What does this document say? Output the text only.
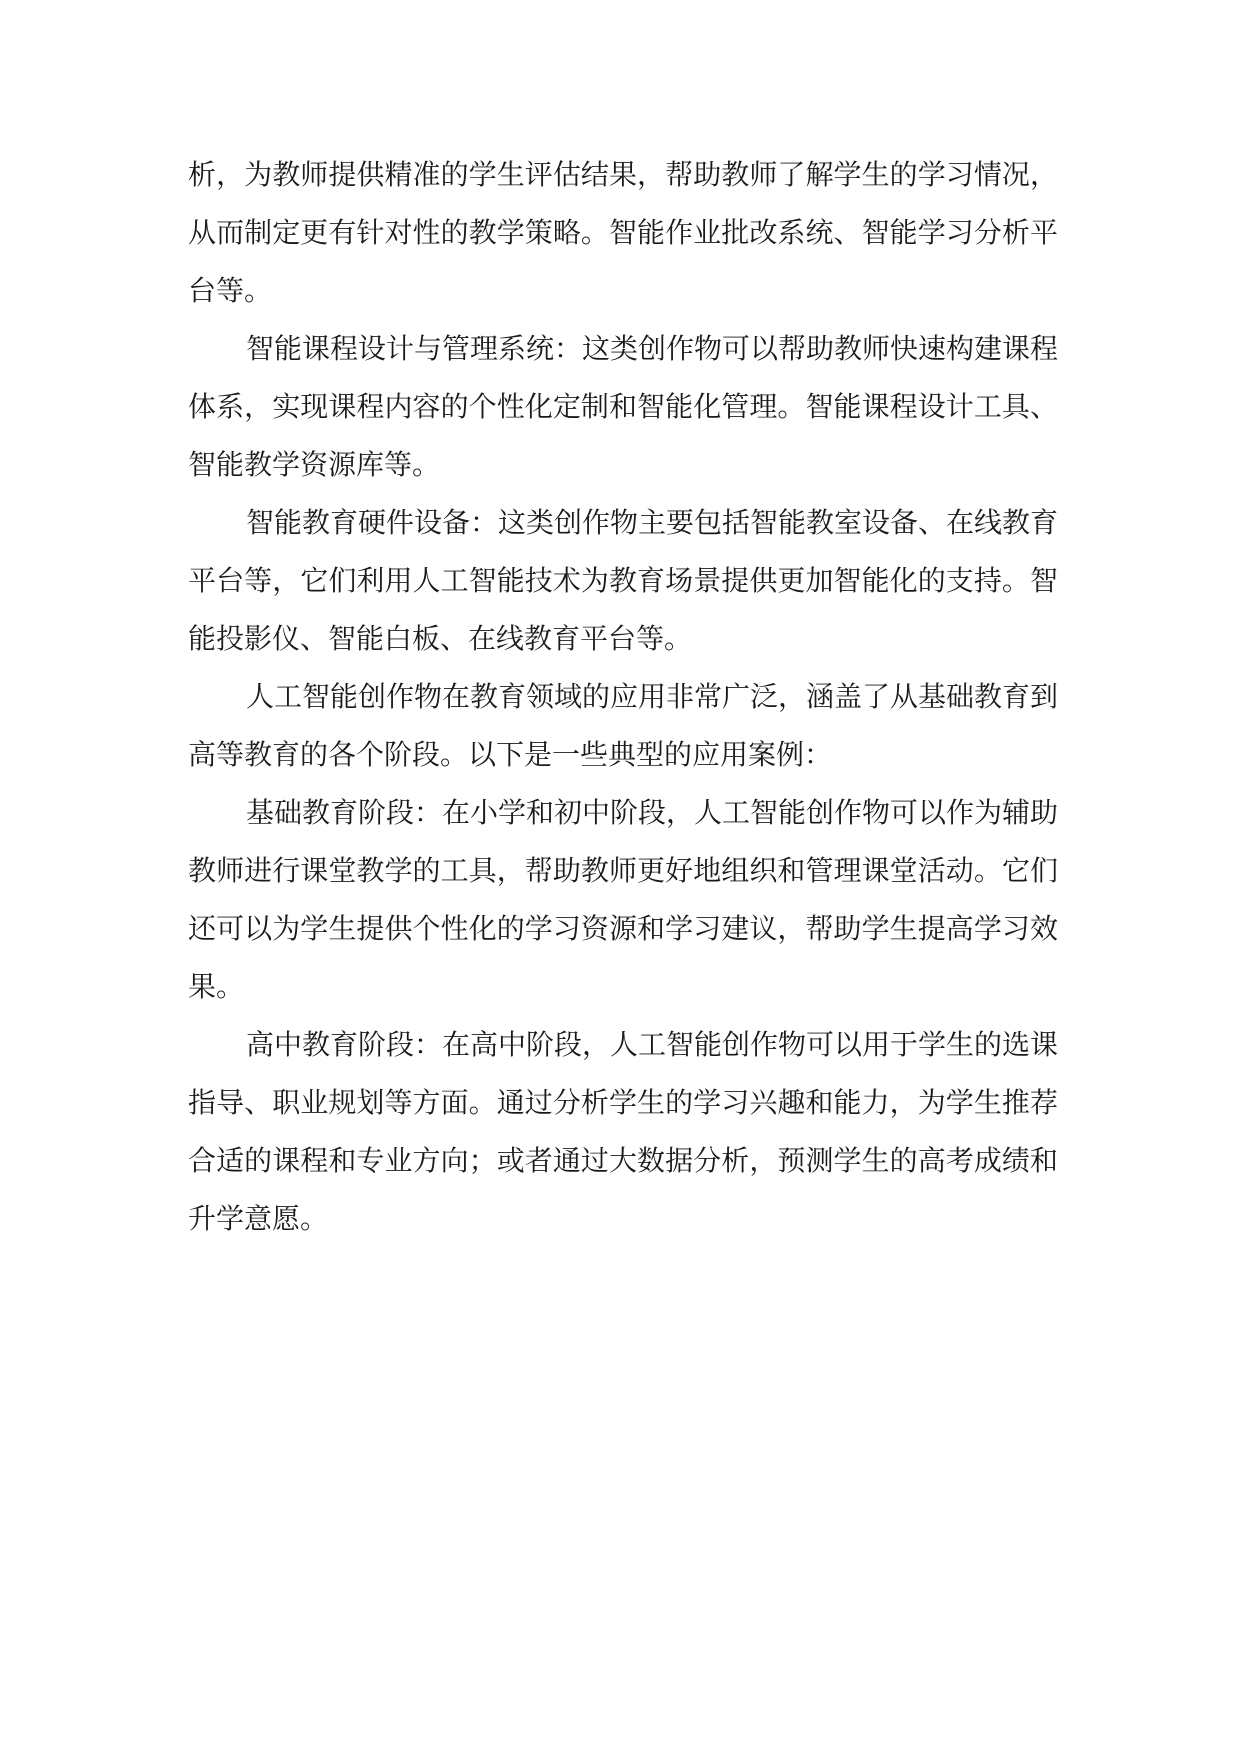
析，为教师提供精准的学生评估结果，帮助教师了解学生的学习情况，从而制定更有针对性的教学策略。智能作业批改系统、智能学习分析平台等。

智能课程设计与管理系统：这类创作物可以帮助教师快速构建课程体系，实现课程内容的个性化定制和智能化管理。智能课程设计工具、智能教学资源库等。

智能教育硬件设备：这类创作物主要包括智能教室设备、在线教育平台等，它们利用人工智能技术为教育场景提供更加智能化的支持。智能投影仪、智能白板、在线教育平台等。

人工智能创作物在教育领域的应用非常广泛，涵盖了从基础教育到高等教育的各个阶段。以下是一些典型的应用案例：

基础教育阶段：在小学和初中阶段，人工智能创作物可以作为辅助教师进行课堂教学的工具，帮助教师更好地组织和管理课堂活动。它们还可以为学生提供个性化的学习资源和学习建议，帮助学生提高学习效果。

高中教育阶段：在高中阶段，人工智能创作物可以用于学生的选课指导、职业规划等方面。通过分析学生的学习兴趣和能力，为学生推荐合适的课程和专业方向；或者通过大数据分析，预测学生的高考成绩和升学意愿。
